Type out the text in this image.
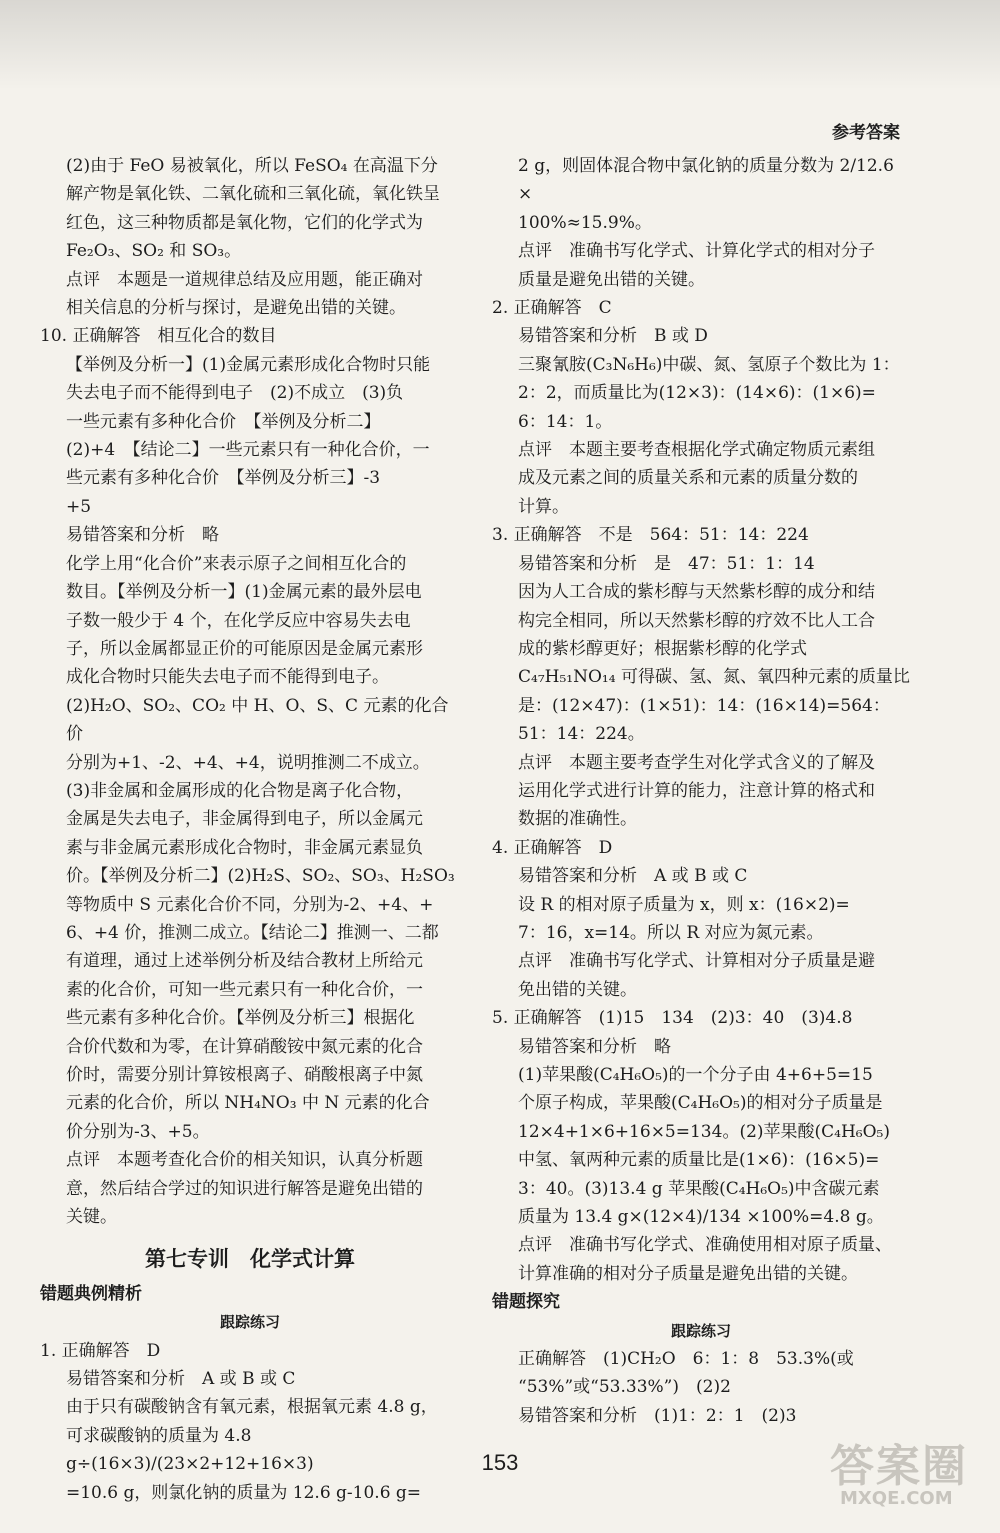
参考答案

(2)由于 FeO 易被氧化，所以 FeSO₄ 在高温下分

解产物是氧化铁、二氧化硫和三氧化硫，氧化铁呈

红色，这三种物质都是氧化物，它们的化学式为

Fe₂O₃、SO₂ 和 SO₃。

点评　本题是一道规律总结及应用题，能正确对

相关信息的分析与探讨，是避免出错的关键。

10. 正确解答　相互化合的数目

【举例及分析一】(1)金属元素形成化合物时只能

失去电子而不能得到电子　(2)不成立　(3)负

一些元素有多种化合价　【举例及分析二】

(2)+4　【结论二】一些元素只有一种化合价，一

些元素有多种化合价　【举例及分析三】-3

+5

易错答案和分析　略

化学上用“化合价”来表示原子之间相互化合的

数目。【举例及分析一】(1)金属元素的最外层电

子数一般少于 4 个，在化学反应中容易失去电

子，所以金属都显正价的可能原因是金属元素形

成化合物时只能失去电子而不能得到电子。

(2)H₂O、SO₂、CO₂ 中 H、O、S、C 元素的化合价

分别为+1、-2、+4、+4，说明推测二不成立。

(3)非金属和金属形成的化合物是离子化合物，

金属是失去电子，非金属得到电子，所以金属元

素与非金属元素形成化合物时，非金属元素显负

价。【举例及分析二】(2)H₂S、SO₂、SO₃、H₂SO₃

等物质中 S 元素化合价不同，分别为-2、+4、+

6、+4 价，推测二成立。【结论二】推测一、二都

有道理，通过上述举例分析及结合教材上所给元

素的化合价，可知一些元素只有一种化合价，一

些元素有多种化合价。【举例及分析三】根据化

合价代数和为零，在计算硝酸铵中氮元素的化合

价时，需要分别计算铵根离子、硝酸根离子中氮

元素的化合价，所以 NH₄NO₃ 中 N 元素的化合

价分别为-3、+5。

点评　本题考查化合价的相关知识，认真分析题

意，然后结合学过的知识进行解答是避免出错的

关键。

第七专训　化学式计算

错题典例精析

跟踪练习

1. 正确解答　D

易错答案和分析　A 或 B 或 C

由于只有碳酸钠含有氧元素，根据氧元素 4.8 g，

可求碳酸钠的质量为 4.8 g÷(16×3)/(23×2+12+16×3)

=10.6 g，则氯化钠的质量为 12.6 g-10.6 g=

2 g，则固体混合物中氯化钠的质量分数为 2/12.6 ×

100%≈15.9%。

点评　准确书写化学式、计算化学式的相对分子

质量是避免出错的关键。

2. 正确解答　C

易错答案和分析　B 或 D

三聚氰胺(C₃N₆H₆)中碳、氮、氢原子个数比为 1：

2：2，而质量比为(12×3)：(14×6)：(1×6)=

6：14：1。

点评　本题主要考查根据化学式确定物质元素组

成及元素之间的质量关系和元素的质量分数的

计算。

3. 正确解答　不是　564：51：14：224

易错答案和分析　是　47：51：1：14

因为人工合成的紫杉醇与天然紫杉醇的成分和结

构完全相同，所以天然紫杉醇的疗效不比人工合

成的紫杉醇更好；根据紫杉醇的化学式

C₄₇H₅₁NO₁₄ 可得碳、氢、氮、氧四种元素的质量比

是：(12×47)：(1×51)：14：(16×14)=564：

51：14：224。

点评　本题主要考查学生对化学式含义的了解及

运用化学式进行计算的能力，注意计算的格式和

数据的准确性。

4. 正确解答　D

易错答案和分析　A 或 B 或 C

设 R 的相对原子质量为 x，则 x：(16×2)=

7：16，x=14。所以 R 对应为氮元素。

点评　准确书写化学式、计算相对分子质量是避

免出错的关键。

5. 正确解答　(1)15　134　(2)3：40　(3)4.8

易错答案和分析　略

(1)苹果酸(C₄H₆O₅)的一个分子由 4+6+5=15

个原子构成，苹果酸(C₄H₆O₅)的相对分子质量是

12×4+1×6+16×5=134。(2)苹果酸(C₄H₆O₅)

中氢、氧两种元素的质量比是(1×6)：(16×5)=

3：40。(3)13.4 g 苹果酸(C₄H₆O₅)中含碳元素

质量为 13.4 g×(12×4)/134 ×100%=4.8 g。

点评　准确书写化学式、准确使用相对原子质量、

计算准确的相对分子质量是避免出错的关键。

错题探究

跟踪练习

正确解答　(1)CH₂O　6：1：8　53.3%(或

“53%”或“53.33%”)　(2)2

易错答案和分析　(1)1：2：1　(2)3

153	答案圈
MXQE.COM
